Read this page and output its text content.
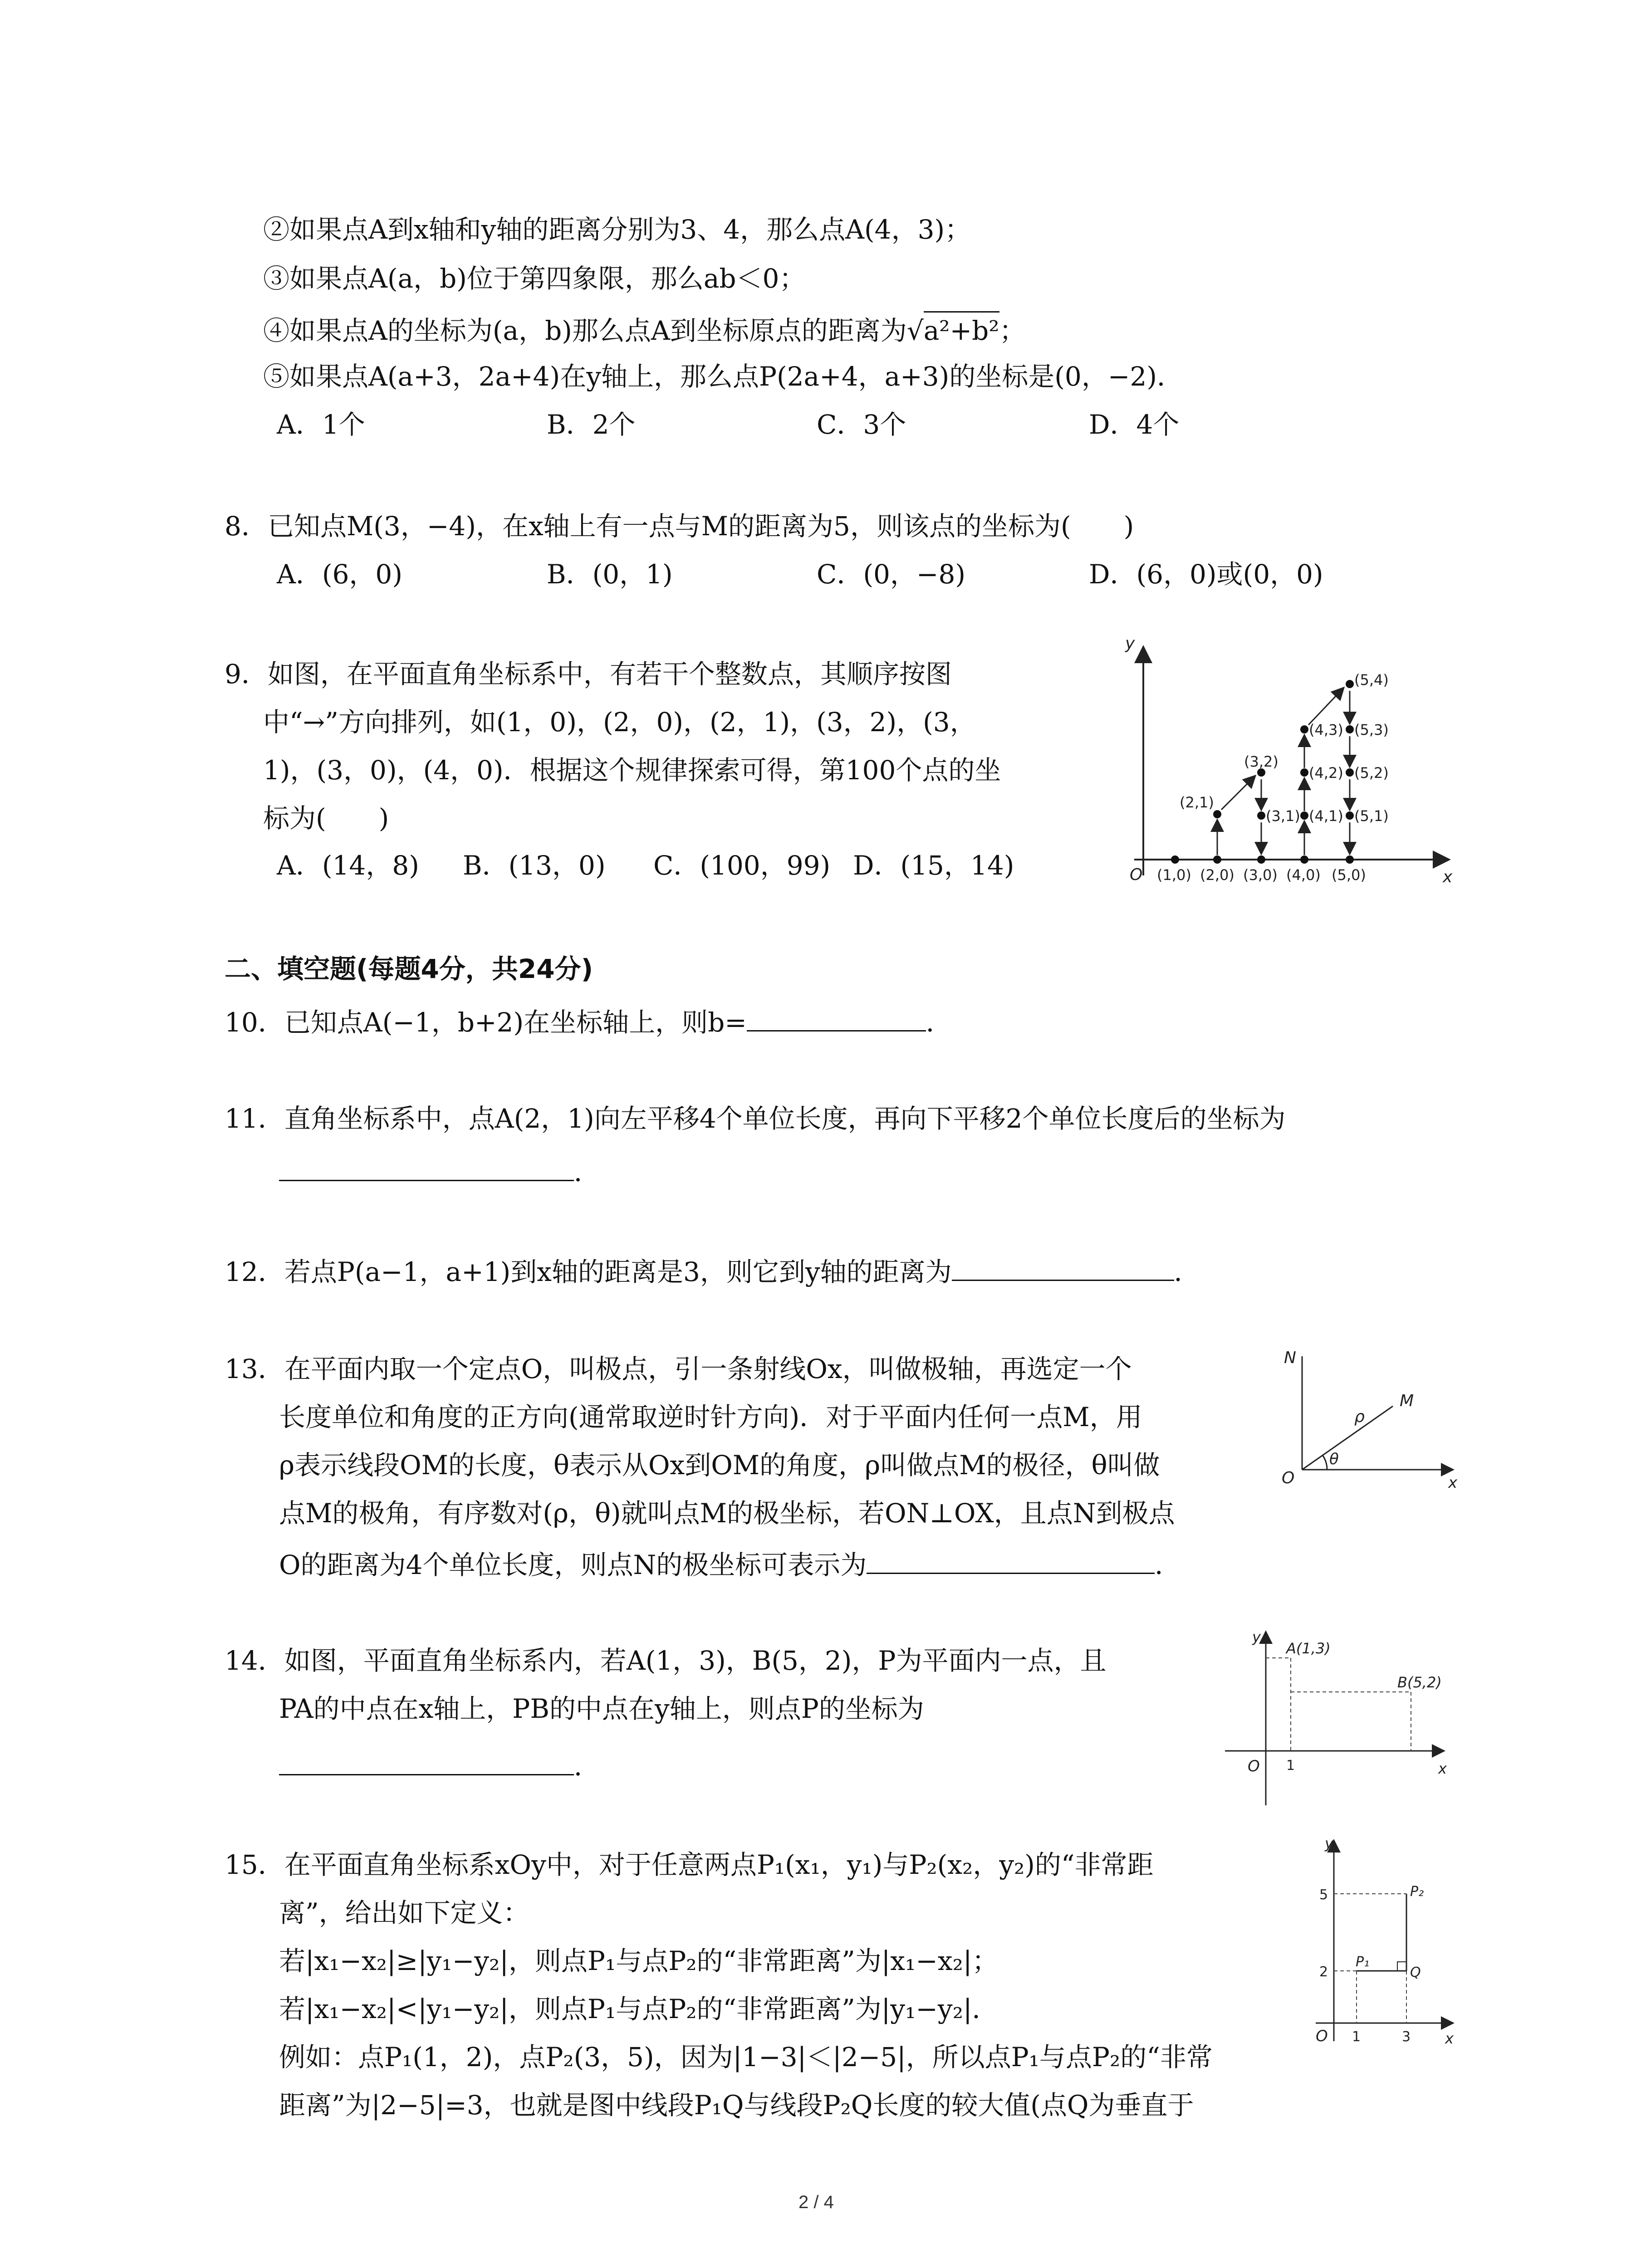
②如果点A到x轴和y轴的距离分别为3、4，那么点A(4，3)；
③如果点A(a，b)位于第四象限，那么ab＜0；
④如果点A的坐标为(a，b)那么点A到坐标原点的距离为√a²+b²；
⑤如果点A(a+3，2a+4)在y轴上，那么点P(2a+4，a+3)的坐标是(0，−2)．
A．1个	B．2个	C．3个	D．4个
8．已知点M(3，−4)，在x轴上有一点与M的距离为5，则该点的坐标为(　　)
A．(6，0)	B．(0，1)	C．(0，−8)	D．(6，0)或(0，0)
9．如图，在平面直角坐标系中，有若干个整数点，其顺序按图
中“→”方向排列，如(1，0)，(2，0)，(2，1)，(3，2)，(3，
1)，(3，0)，(4，0)．根据这个规律探索可得，第100个点的坐
标为(　　)
A．(14，8) B．(13，0) C．(100，99) D．(15，14)	O	x
y
(1,0) (2,0) (3,0) (4,0) (5,0)
(2,1)
(3,2)
(3,1)
(4,3)
(4,2)
(4,1)
(5,4)
(5,3)
(5,2)
(5,1)
二、填空题(每题4分，共24分)
10．已知点A(−1，b+2)在坐标轴上，则b=	．
11．直角坐标系中，点A(2，1)向左平移4个单位长度，再向下平移2个单位长度后的坐标为
．
12．若点P(a−1，a+1)到x轴的距离是3，则它到y轴的距离为	．
13．在平面内取一个定点O，叫极点，引一条射线Ox，叫做极轴，再选定一个
长度单位和角度的正方向(通常取逆时针方向)．对于平面内任何一点M，用
ρ表示线段OM的长度，θ表示从Ox到OM的角度，ρ叫做点M的极径，θ叫做
点M的极角，有序数对(ρ，θ)就叫点M的极坐标，若ON⊥OX，且点N到极点
O的距离为4个单位长度，则点N的极坐标可表示为	．
N
M
O	x
ρ
θ
14．如图，平面直角坐标系内，若A(1，3)，B(5，2)，P为平面内一点，且
PA的中点在x轴上，PB的中点在y轴上，则点P的坐标为
．
A(1,3)
B(5,2)
O 1	x
y
15．在平面直角坐标系xOy中，对于任意两点P₁(x₁，y₁)与P₂(x₂，y₂)的“非常距
离”，给出如下定义：
若|x₁−x₂|≥|y₁−y₂|，则点P₁与点P₂的“非常距离”为|x₁−x₂|；
若|x₁−x₂|<|y₁−y₂|，则点P₁与点P₂的“非常距离”为|y₁−y₂|．
例如：点P₁(1，2)，点P₂(3，5)，因为|1−3|＜|2−5|，所以点P₁与点P₂的“非常
距离”为|2−5|=3，也就是图中线段P₁Q与线段P₂Q长度的较大值(点Q为垂直于
y
x
O
5
2
1	3
P₁
P₂
Q
2 / 4
